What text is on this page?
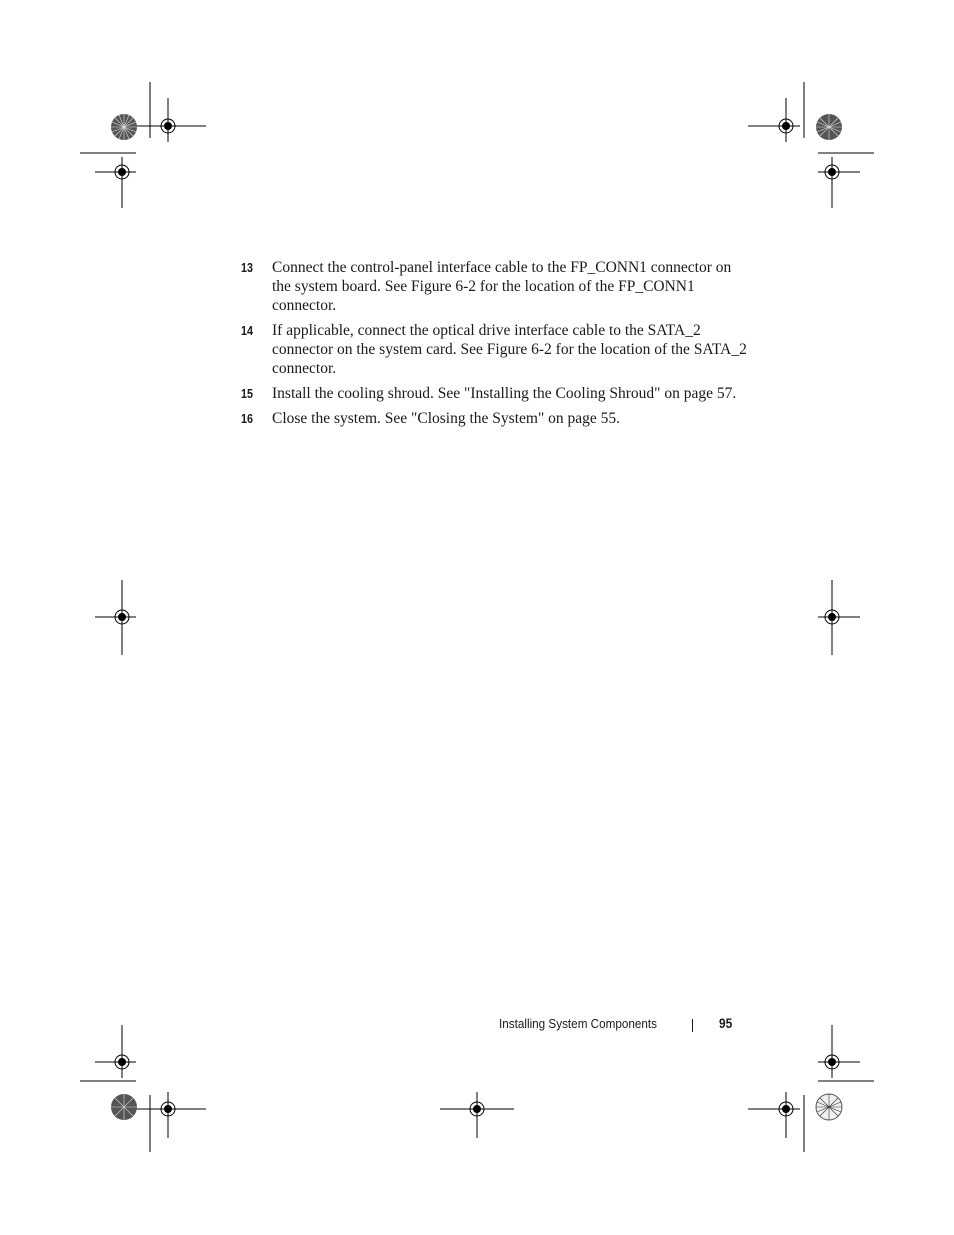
13 Connect the control-panel interface cable to the FP_CONN1 connector on the system board. See Figure 6-2 for the location of the FP_CONN1 connector.
14 If applicable, connect the optical drive interface cable to the SATA_2 connector on the system card. See Figure 6-2 for the location of the SATA_2 connector.
15 Install the cooling shroud. See "Installing the Cooling Shroud" on page 57.
16 Close the system. See "Closing the System" on page 55.
Installing System Components	95
